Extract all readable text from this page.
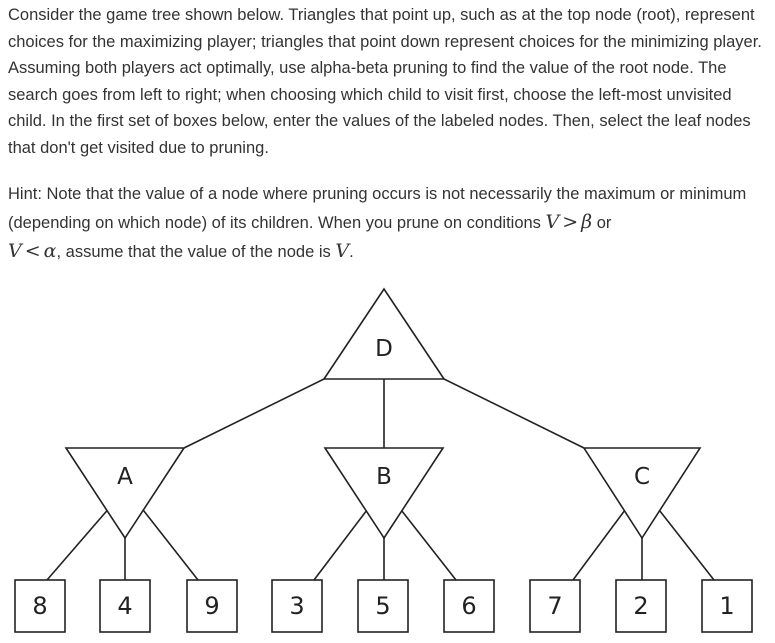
Consider the game tree shown below. Triangles that point up, such as at the top node (root), represent choices for the maximizing player; triangles that point down represent choices for the minimizing player. Assuming both players act optimally, use alpha-beta pruning to find the value of the root node. The search goes from left to right; when choosing which child to visit first, choose the left-most unvisited child. In the first set of boxes below, enter the values of the labeled nodes. Then, select the leaf nodes that don't get visited due to pruning.

Hint: Note that the value of a node where pruning occurs is not necessarily the maximum or minimum (depending on which node) of its children. When you prune on conditions V > β or
V < α, assume that the value of the node is V.

D
A	B	C
8	4	9	3	5	6	7	2	1
